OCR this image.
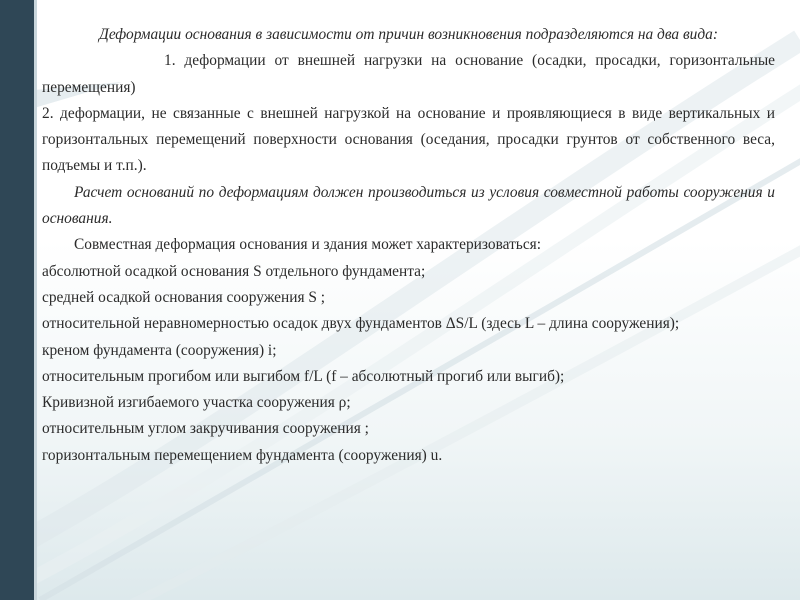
Деформации основания в зависимости от причин возникновения подразделяются на два вида:

1. деформации от внешней нагрузки на основание (осадки, просадки, горизонтальные перемещения)

2. деформации, не связанные с внешней нагрузкой на основание и проявляющиеся в виде вертикальных и горизонтальных перемещений поверхности основания (оседания, просадки грунтов от собственного веса, подъемы и т.п.).

Расчет оснований по деформациям должен производиться из условия совместной работы сооружения и основания.

Совместная деформация основания и здания может характеризоваться:

абсолютной осадкой основания S отдельного фундамента;

средней осадкой основания сооружения S ;

относительной неравномерностью осадок двух фундаментов ΔS/L (здесь L – длина сооружения);

креном фундамента (сооружения) i;

относительным прогибом или выгибом f/L (f – абсолютный прогиб или выгиб);

Кривизной изгибаемого участка сооружения ρ;

относительным углом закручивания сооружения ;

горизонтальным перемещением фундамента (сооружения) u.
